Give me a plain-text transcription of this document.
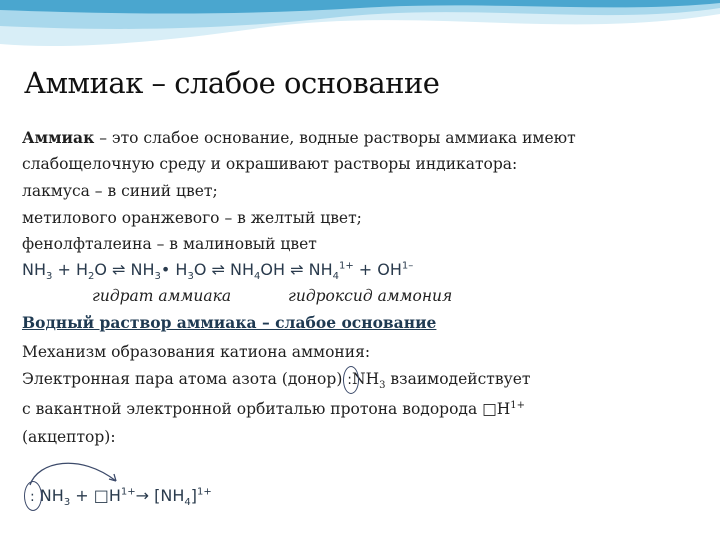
Аммиак – слабое основание
Аммиак – это слабое основание, водные растворы аммиака имеют
слабощелочную среду и окрашивают растворы индикатора:
лакмуса – в синий цвет;
метилового оранжевого – в желтый цвет;
фенолфталеина – в малиновый цвет
$NH_3 + H_2O$ ⇌ $NH_3•$ $H_3O$ ⇌ $NH_4OH$ ⇌ $NH_4^{1+} + OH^{1-}$
гидрат аммиака	гидроксид аммония
Водный раствор аммиака – слабое основание
Механизм образования катиона аммония:
Электронная пара атома азота (донор)
$:NH_3$ взаимодействует
с вакантной электронной орбиталью протона водорода $□H^{1+}$
(акцептор):
: $NH_3$ + $□H^{1+}\to [NH_4]^{1+}$
